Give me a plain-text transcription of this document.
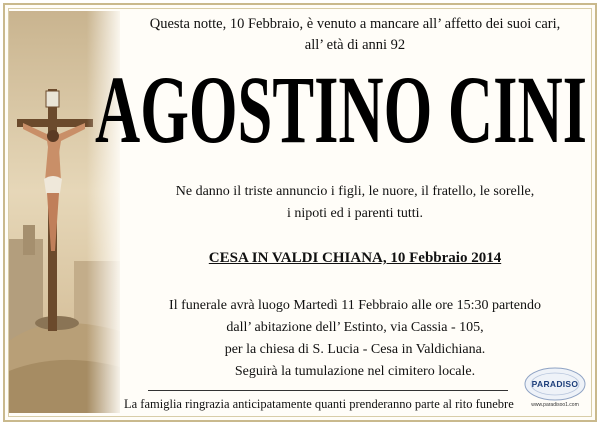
Questa notte, 10 Febbraio, è venuto a mancare all’ affetto dei suoi cari,
all’ età di anni 92
AGOSTINO CINI
Ne danno il triste annuncio i figli, le nuore, il fratello, le sorelle,
i nipoti ed i parenti tutti.
CESA IN VALDI CHIANA, 10 Febbraio 2014
Il funerale avrà luogo Martedì 11 Febbraio alle ore 15:30 partendo
dall’ abitazione dell’ Estinto, via Cassia - 105,
per la chiesa di S. Lucia - Cesa in Valdichiana.
Seguirà la tumulazione nel cimitero locale.
La famiglia ringrazia anticipatamente quanti prenderanno parte al rito funebre
PARADISO
www.paradisoo1.com
